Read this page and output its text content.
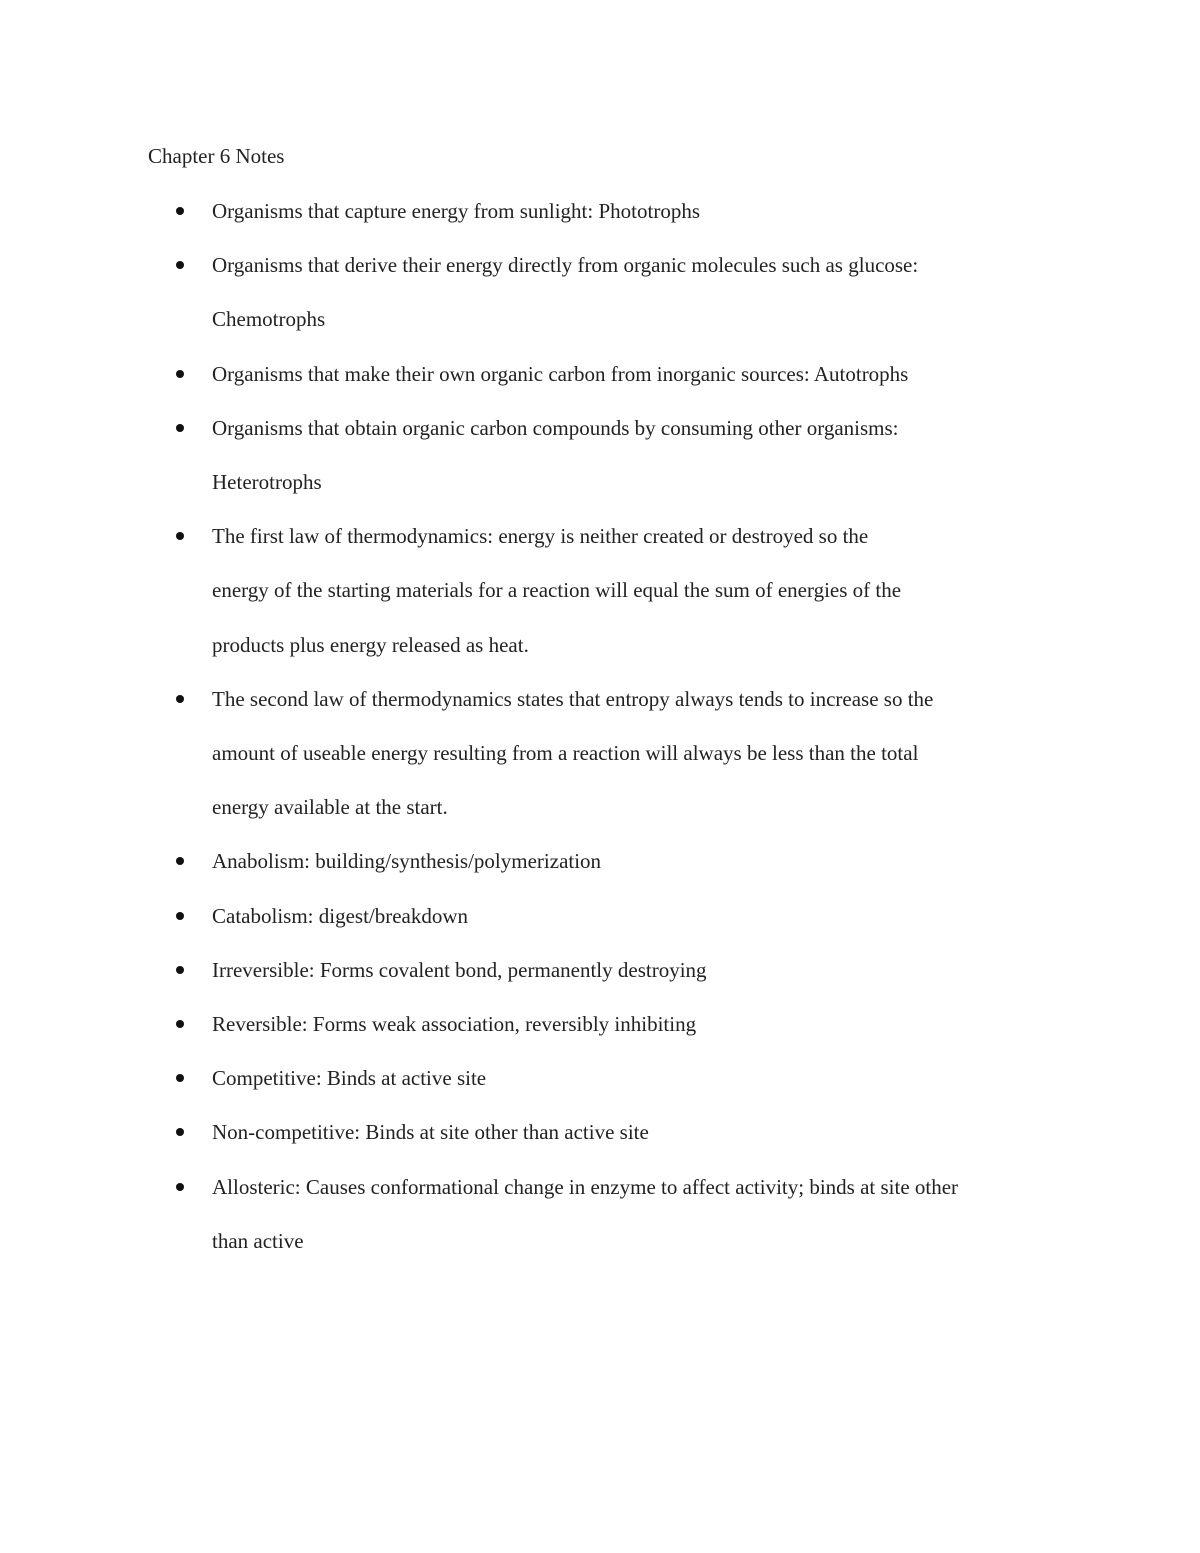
Chapter 6 Notes
Organisms that capture energy from sunlight: Phototrophs
Organisms that derive their energy directly from organic molecules such as glucose:
Chemotrophs
Organisms that make their own organic carbon from inorganic sources: Autotrophs
Organisms that obtain organic carbon compounds by consuming other organisms:
Heterotrophs
The first law of thermodynamics: energy is neither created or destroyed so the
energy of the starting materials for a reaction will equal the sum of energies of the
products plus energy released as heat.
The second law of thermodynamics states that entropy always tends to increase so the
amount of useable energy resulting from a reaction will always be less than the total
energy available at the start.
Anabolism: building/synthesis/polymerization
Catabolism: digest/breakdown
Irreversible: Forms covalent bond, permanently destroying
Reversible: Forms weak association, reversibly inhibiting
Competitive: Binds at active site
Non-competitive: Binds at site other than active site
Allosteric: Causes conformational change in enzyme to affect activity; binds at site other
than active
